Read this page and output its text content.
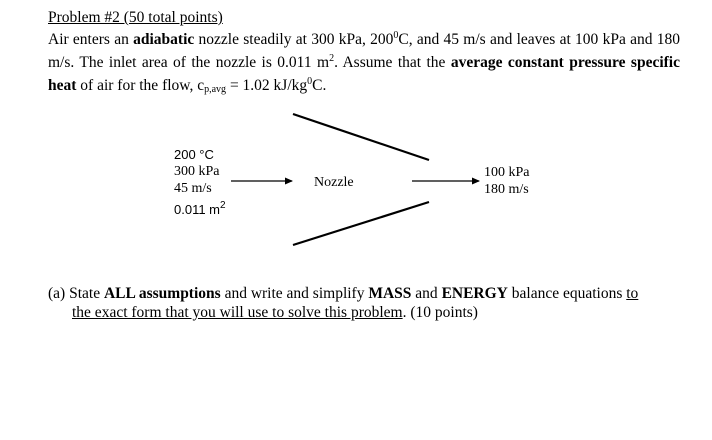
Problem #2 (50 total points)
Air enters an adiabatic nozzle steadily at 300 kPa, $200^0C$, and 45 m/s and leaves at 100 kPa and 180 m/s. The inlet area of the nozzle is 0.011 $m^2$. Assume that the average constant pressure specific heat of air for the flow, $c_{p,avg} = 1.02$ $kJ/kg^0C$.
200 °C
300 kPa
45 m/s
0.011 $m^2$
Nozzle
100 kPa
180 m/s
(a) State ALL assumptions and write and simplify MASS and ENERGY balance equations to
the exact form that you will use to solve this problem. (10 points)
